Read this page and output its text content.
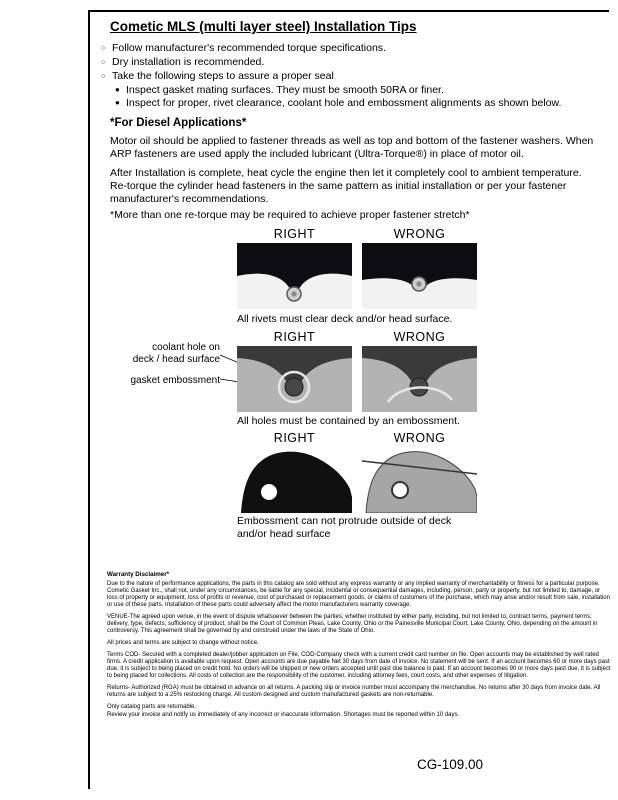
Cometic MLS (multi layer steel) Installation Tips
○ Follow manufacturer's recommended torque specifications.
○ Dry installation is recommended.
○ Take the following steps to assure a proper seal
● Inspect gasket mating surfaces. They must be smooth 50RA or finer.
● Inspect for proper, rivet clearance, coolant hole and embossment alignments as shown below.
*For Diesel Applications*
Motor oil should be applied to fastener threads as well as top and bottom of the fastener washers. When ARP fasteners are used apply the included lubricant (Ultra-Torque®) in place of motor oil.
After Installation is complete, heat cycle the engine then let it completely cool to ambient temperature. Re-torque the cylinder head fasteners in the same pattern as initial installation or per your fastener manufacturer's recommendations.
*More than one re-torque may be required to achieve proper fastener stretch*
RIGHT	WRONG
All rivets must clear deck and/or head surface.
RIGHT	WRONG
coolant hole on
deck / head surface
gasket embossment
All holes must be contained by an embossment.
RIGHT	WRONG
Embossment can not protrude outside of deck
and/or head surface
Warranty Disclaimer*

Due to the nature of performance applications, the parts in this catalog are sold without any express warranty or any implied warranty of merchantability or fitness for a particular purpose. Cometic Gasket Inc., shall not, under any circumstances, be liable for any special, incidental or consequential damages, including, person, party or property, but not limited to, damage, or loss of property or equipment, loss of profits or revenue, cost of purchased or replacement goods, or claims of customers of the purchase, which may arise and/or result from sale, installation or use of these parts. Installation of these parts could adversely affect the motor manufacturers warranty coverage.

VENUE-The agreed upon venue, in the event of dispute whatsoever between the parties, whether instituted by either party, including, but not limited to, contract terms, payment terms, delivery, type, defects, sufficiency of product, shall be the Court of Common Pleas, Lake County, Ohio or the Painesville Municipal Court, Lake County, Ohio, depending on the amount in controversy. This agreement shall be governed by and construed under the laws of the State of Ohio.

All prices and terms are subject to change without notice.

Terms COD- Secured with a completed dealer/jobber application on File, COD-Company check with a current credit card number on file. Open accounts may be established by well rated firms. A credit application is available upon request. Open accounts are due payable Net 30 days from date of invoice. No statement will be sent. If an account becomes 60 or more days past due, it is subject to being placed on credit hold. No orders will be shipped or new orders accepted until past due balance is paid. If an account becomes 90 or more days past due, it is subject to being placed for collections. All costs of collection are the responsibility of the customer, including attorney fees, court costs, and other expenses of litigation.

Returns- Authorized (RGA) must be obtained in advance on all returns. A packing slip or invoice number must accompany the merchandise. No returns after 30 days from invoice date. All returns are subject to a 25% restocking charge. All custom designed and custom manufactured gaskets are non-returnable.

Only catalog parts are returnable.

Review your invoice and notify us immediately of any incorrect or inaccurate information. Shortages must be reported within 10 days.

CG-109.00
